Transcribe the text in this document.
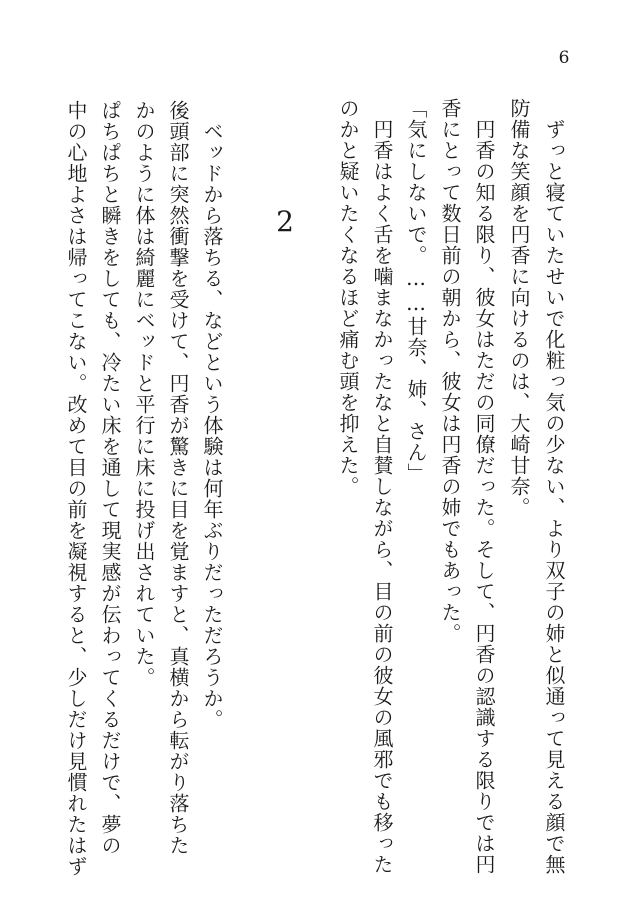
6
　ずっと寝ていたせいで化粧っ気の少ない、より双子の姉と似通って見える顔で無
防備な笑顔を円香に向けるのは、大崎甘奈。
　円香の知る限り、彼女はただの同僚だった。そして、円香の認識する限りでは円
香にとって数日前の朝から、彼女は円香の姉でもあった。
「気にしないで。……甘奈、姉、さん」
　円香はよく舌を噛まなかったなと自賛しながら、目の前の彼女の風邪でも移った
のかと疑いたくなるほど痛む頭を抑えた。
2
　ベッドから落ちる、などという体験は何年ぶりだっただろうか。
後頭部に突然衝撃を受けて、円香が驚きに目を覚ますと、真横から転がり落ちた
かのように体は綺麗にベッドと平行に床に投げ出されていた。
ぱちぱちと瞬きをしても、冷たい床を通して現実感が伝わってくるだけで、夢の
中の心地よさは帰ってこない。改めて目の前を凝視すると、少しだけ見慣れたはず
